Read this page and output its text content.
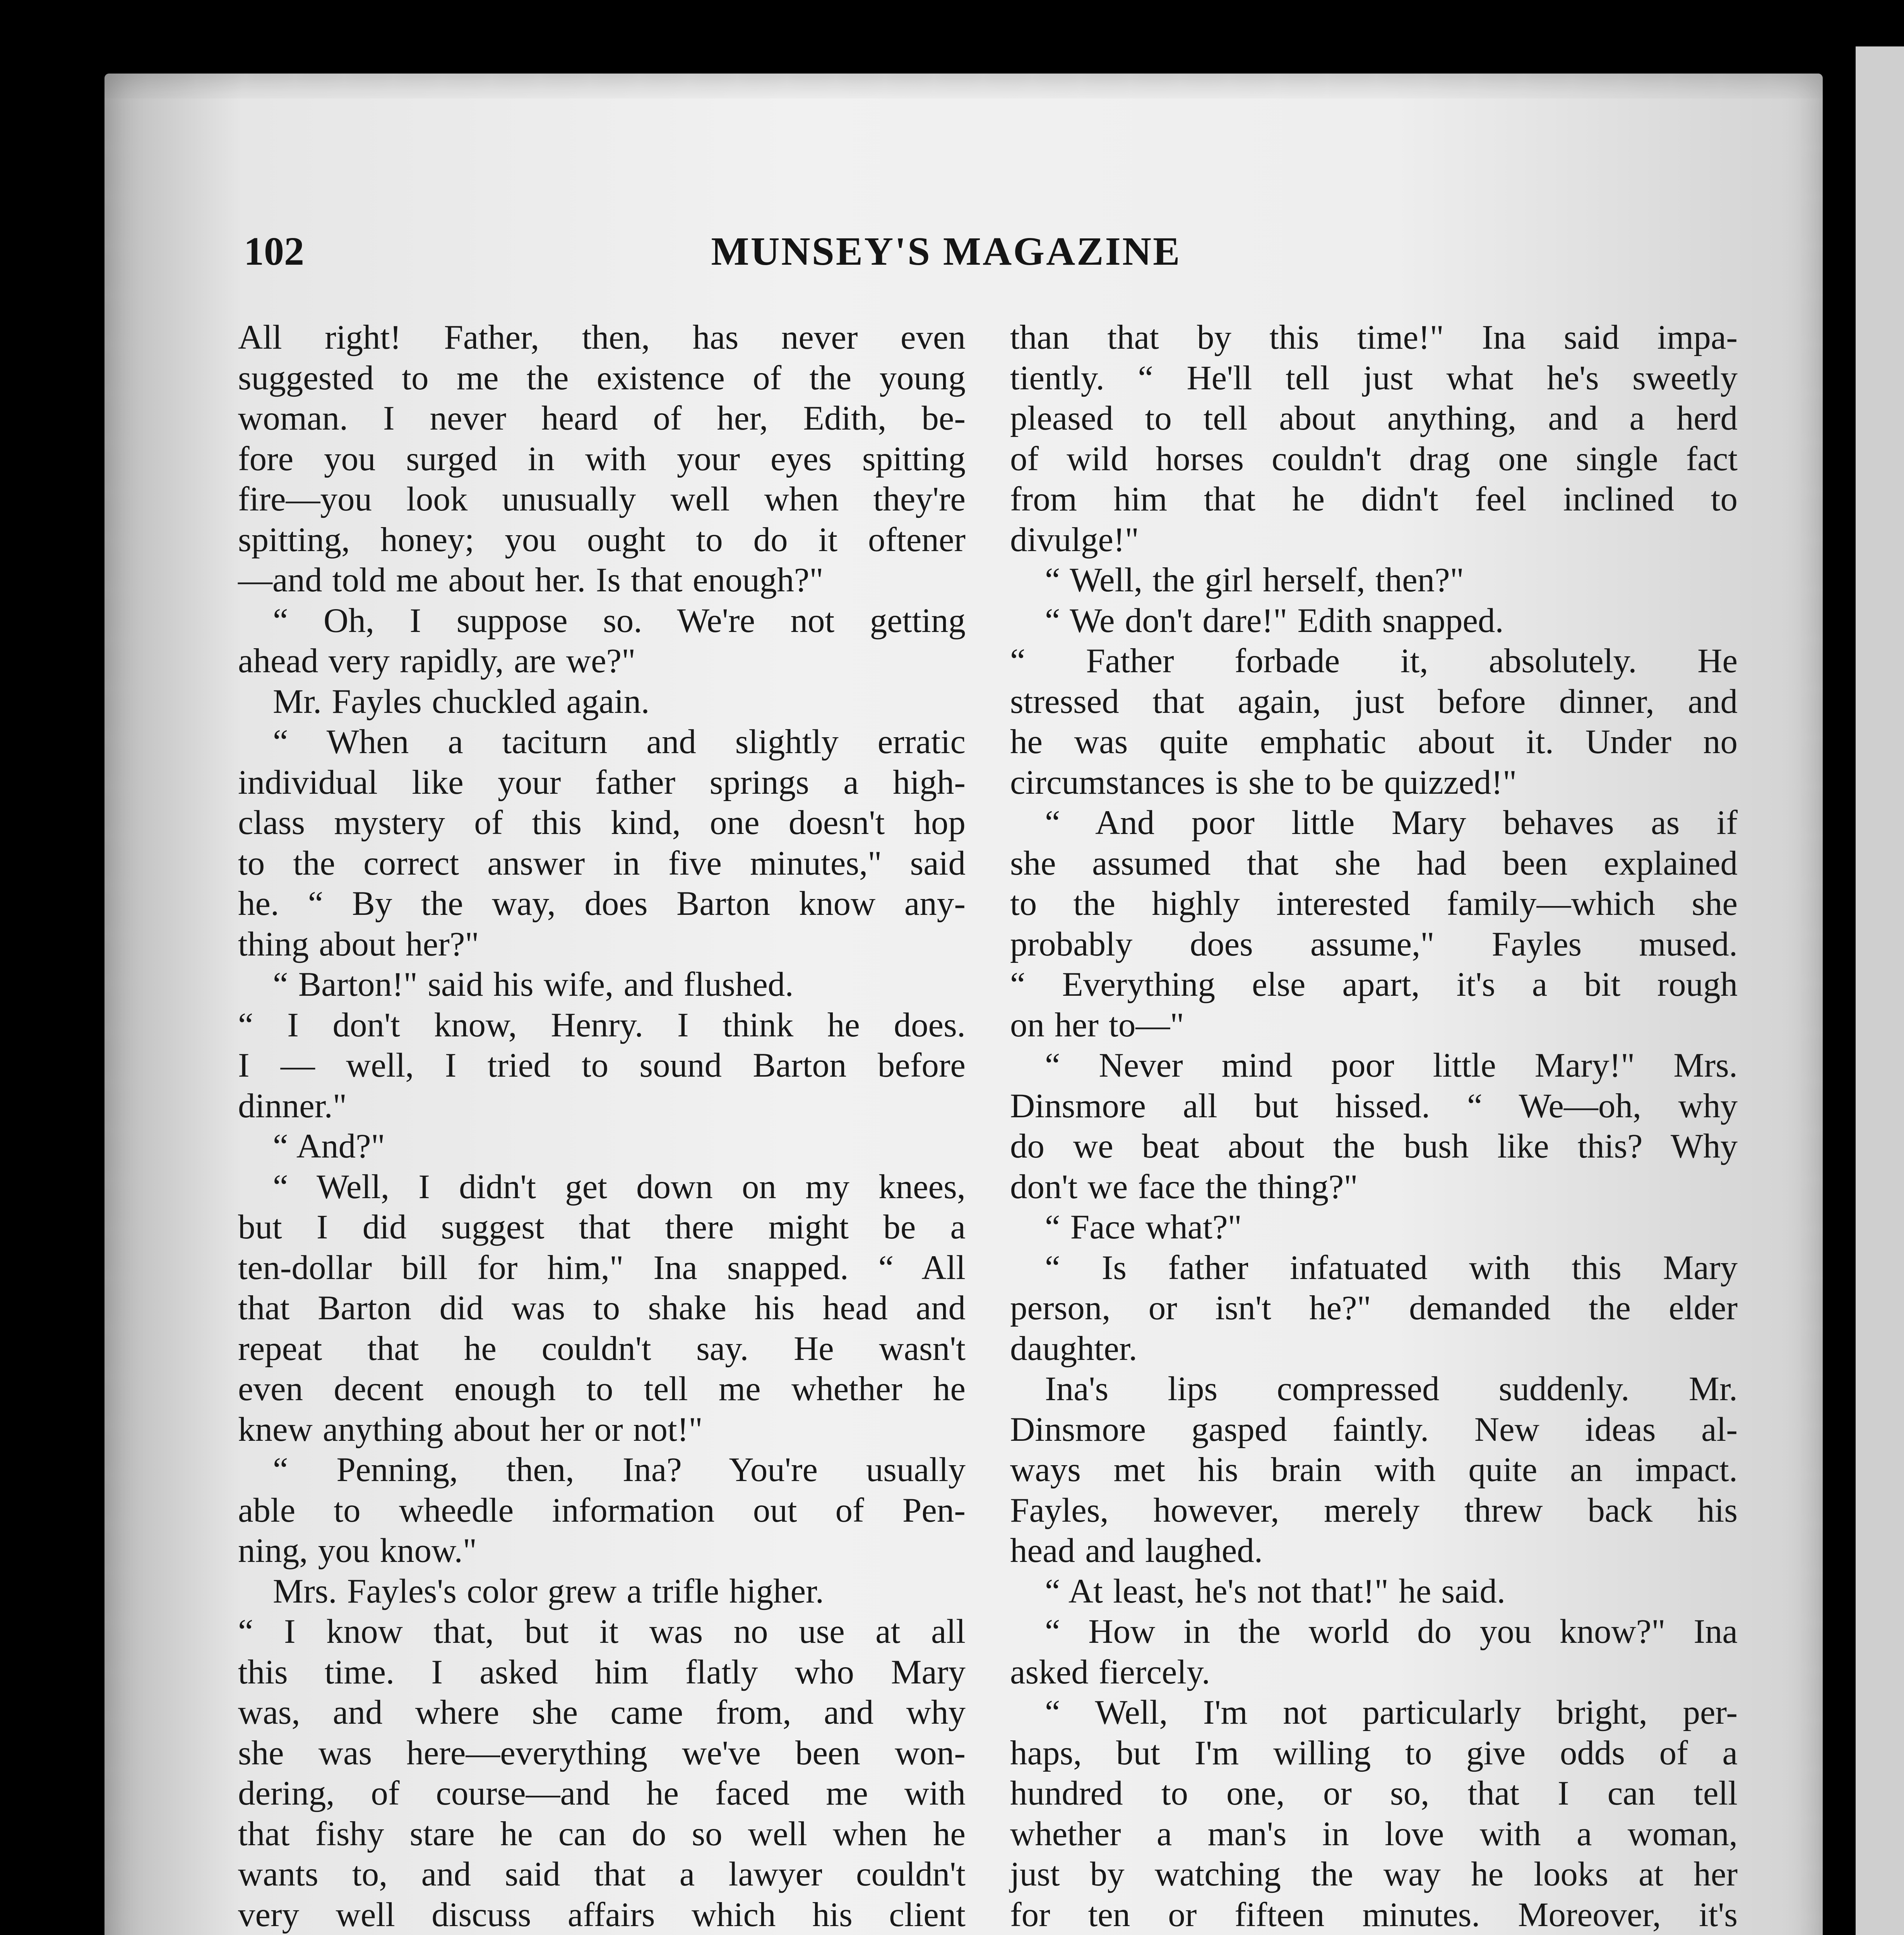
102	MUNSEY'S MAGAZINE
All right! Father, then, has never even
suggested to me the existence of the young
woman. I never heard of her, Edith, be-
fore you surged in with your eyes spitting
fire—you look unusually well when they're
spitting, honey; you ought to do it oftener
—and told me about her. Is that enough?"
“ Oh, I suppose so. We're not getting
ahead very rapidly, are we?"
Mr. Fayles chuckled again.
“ When a taciturn and slightly erratic
individual like your father springs a high-
class mystery of this kind, one doesn't hop
to the correct answer in five minutes," said
he. “ By the way, does Barton know any-
thing about her?"
“ Barton!" said his wife, and flushed.
“ I don't know, Henry. I think he does.
I — well, I tried to sound Barton before
dinner."
“ And?"
“ Well, I didn't get down on my knees,
but I did suggest that there might be a
ten-dollar bill for him," Ina snapped. “ All
that Barton did was to shake his head and
repeat that he couldn't say. He wasn't
even decent enough to tell me whether he
knew anything about her or not!"
“ Penning, then, Ina? You're usually
able to wheedle information out of Pen-
ning, you know."
Mrs. Fayles's color grew a trifle higher.
“ I know that, but it was no use at all
this time. I asked him flatly who Mary
was, and where she came from, and why
she was here—everything we've been won-
dering, of course—and he faced me with
that fishy stare he can do so well when he
wants to, and said that a lawyer couldn't
very well discuss affairs which his client
than that by this time!" Ina said impa-
tiently. “ He'll tell just what he's sweetly
pleased to tell about anything, and a herd
of wild horses couldn't drag one single fact
from him that he didn't feel inclined to
divulge!"
“ Well, the girl herself, then?"
“ We don't dare!" Edith snapped.
“ Father forbade it, absolutely. He
stressed that again, just before dinner, and
he was quite emphatic about it. Under no
circumstances is she to be quizzed!"
“ And poor little Mary behaves as if
she assumed that she had been explained
to the highly interested family—which she
probably does assume," Fayles mused.
“ Everything else apart, it's a bit rough
on her to—"
“ Never mind poor little Mary!" Mrs.
Dinsmore all but hissed. “ We—oh, why
do we beat about the bush like this? Why
don't we face the thing?"
“ Face what?"
“ Is father infatuated with this Mary
person, or isn't he?" demanded the elder
daughter.
Ina's lips compressed suddenly. Mr.
Dinsmore gasped faintly. New ideas al-
ways met his brain with quite an impact.
Fayles, however, merely threw back his
head and laughed.
“ At least, he's not that!" he said.
“ How in the world do you know?" Ina
asked fiercely.
“ Well, I'm not particularly bright, per-
haps, but I'm willing to give odds of a
hundred to one, or so, that I can tell
whether a man's in love with a woman,
just by watching the way he looks at her
for ten or fifteen minutes. Moreover, it's
